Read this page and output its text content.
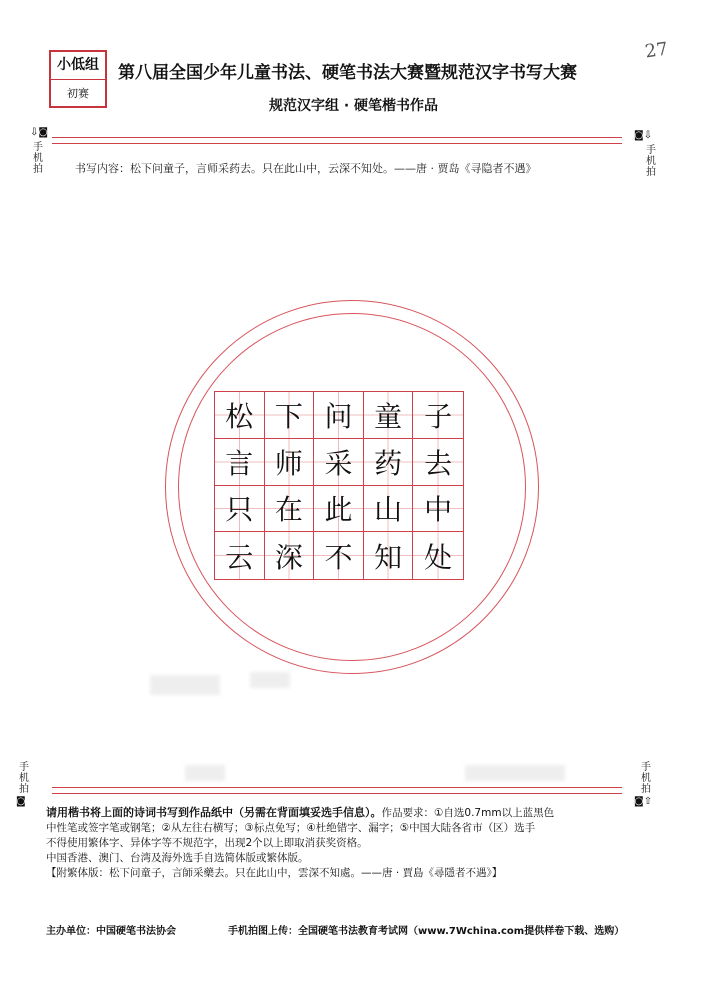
小低组
初赛
第八届全国少年儿童书法、硬笔书法大赛暨规范汉字书写大赛
规范汉字组 · 硬笔楷书作品
27
⇩◙
手机拍
◙⇩
手机拍
书写内容：松下问童子，言师采药去。只在此山中，云深不知处。——唐 · 贾岛《寻隐者不遇》
松 下 问 童 子
言 师 采 药 去
只 在 此 山 中
云 深 不 知 处
手机拍
◙
手机拍
◙⇧
请用楷书将上面的诗词书写到作品纸中（另需在背面填妥选手信息）。作品要求：①自选0.7mm以上蓝黑色
中性笔或签字笔或钢笔；②从左往右横写；③标点免写；④杜绝错字、漏字；⑤中国大陆各省市（区）选手
不得使用繁体字、异体字等不规范字，出现2个以上即取消获奖资格。
中国香港、澳门、台湾及海外选手自选简体版或繁体版。
【附繁体版：松下问童子，言師采藥去。只在此山中，雲深不知處。——唐 · 賈島《尋隱者不遇》】
主办单位：中国硬笔书法协会	手机拍图上传：全国硬笔书法教育考试网（www.7Wchina.com提供样卷下载、选购）
